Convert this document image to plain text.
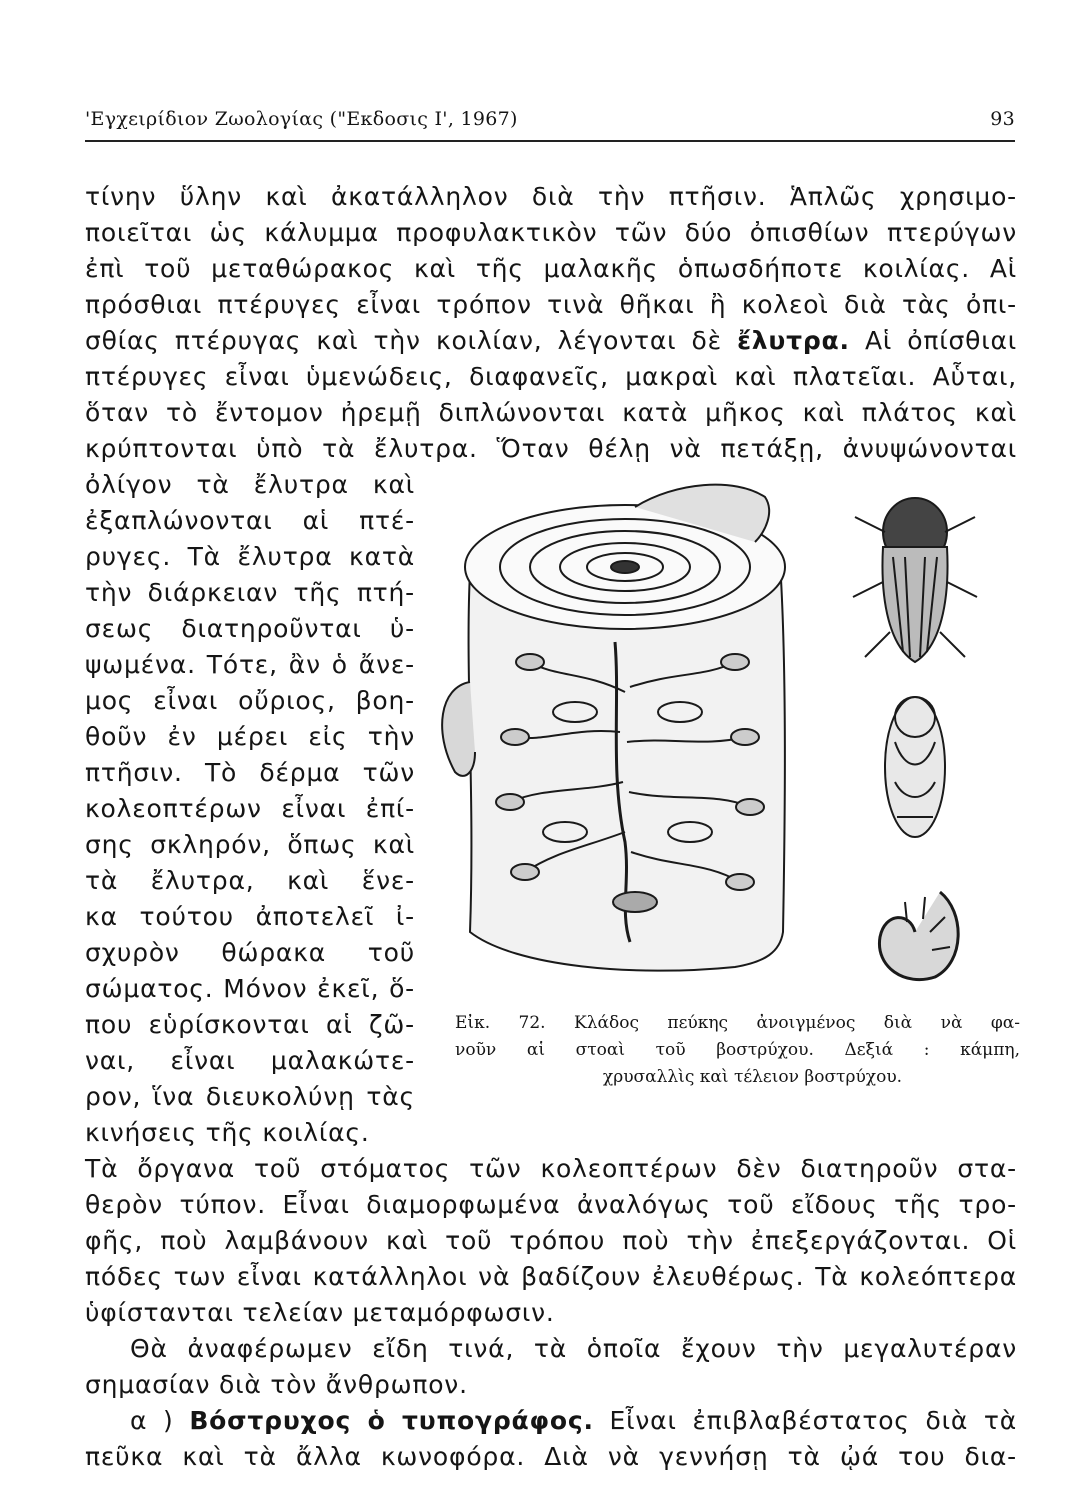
'Εγχειρίδιον Ζωολογίας ("Εκδοσις Ι', 1967)	93
τίνην ὕλην καὶ ἀκατάλληλον διὰ τὴν πτῆσιν. Ἁπλῶς χρησιμο-
ποιεῖται ὡς κάλυμμα προφυλακτικὸν τῶν δύο ὀπισθίων πτερύγων
ἐπὶ τοῦ μεταθώρακος καὶ τῆς μαλακῆς ὁπωσδήποτε κοιλίας. Αἱ
πρόσθιαι πτέρυγες εἶναι τρόπον τινὰ θῆκαι ἢ κολεοὶ διὰ τὰς ὀπι-
σθίας πτέρυγας καὶ τὴν κοιλίαν, λέγονται δὲ ἔλυτρα. Αἱ ὀπίσθιαι
πτέρυγες εἶναι ὑμενώδεις, διαφανεῖς, μακραὶ καὶ πλατεῖαι. Αὗται,
ὅταν τὸ ἔντομον ἠρεμῇ διπλώνονται κατὰ μῆκος καὶ πλάτος καὶ
κρύπτονται ὑπὸ τὰ ἔλυτρα. Ὅταν θέλῃ νὰ πετάξῃ, ἀνυψώνονται
ὀλίγον τὰ ἔλυτρα καὶ
ἐξαπλώνονται αἱ πτέ-
ρυγες. Τὰ ἔλυτρα κατὰ
τὴν διάρκειαν τῆς πτή-
σεως διατηροῦνται ὑ-
ψωμένα. Τότε, ἂν ὁ ἄνε-
μος εἶναι οὔριος, βοη-
θοῦν ἐν μέρει εἰς τὴν
πτῆσιν. Τὸ δέρμα τῶν
κολεοπτέρων εἶναι ἐπί-
σης σκληρόν, ὅπως καὶ
τὰ ἔλυτρα, καὶ ἕνε-
κα τούτου ἀποτελεῖ ἰ-
σχυρὸν θώρακα τοῦ
σώματος. Μόνον ἐκεῖ, ὅ-
που εὑρίσκονται αἱ ζῶ-
ναι, εἶναι μαλακώτε-
ρον, ἵνα διευκολύνῃ τὰς
κινήσεις τῆς κοιλίας.
Εἰκ. 72. Κλάδος πεύκης ἀνοιγμένος διὰ νὰ φα-
νοῦν αἱ στοαὶ τοῦ βοστρύχου. Δεξιά : κάμπη,
χρυσαλλὶς καὶ τέλειον βοστρύχου.
Τὰ ὄργανα τοῦ στόματος τῶν κολεοπτέρων δὲν διατηροῦν στα-
θερὸν τύπον. Εἶναι διαμορφωμένα ἀναλόγως τοῦ εἴδους τῆς τρο-
φῆς, ποὺ λαμβάνουν καὶ τοῦ τρόπου ποὺ τὴν ἐπεξεργάζονται. Οἱ
πόδες των εἶναι κατάλληλοι νὰ βαδίζουν ἐλευθέρως. Τὰ κολεόπτερα
ὑφίστανται τελείαν μεταμόρφωσιν.
Θὰ ἀναφέρωμεν εἴδη τινά, τὰ ὁποῖα ἔχουν τὴν μεγαλυτέραν
σημασίαν διὰ τὸν ἄνθρωπον.
α ) Βόστρυχος ὁ τυπογράφος. Εἶναι ἐπιβλαβέστατος διὰ τὰ
πεῦκα καὶ τὰ ἄλλα κωνοφόρα. Διὰ νὰ γεννήσῃ τὰ ᾠά του δια-
